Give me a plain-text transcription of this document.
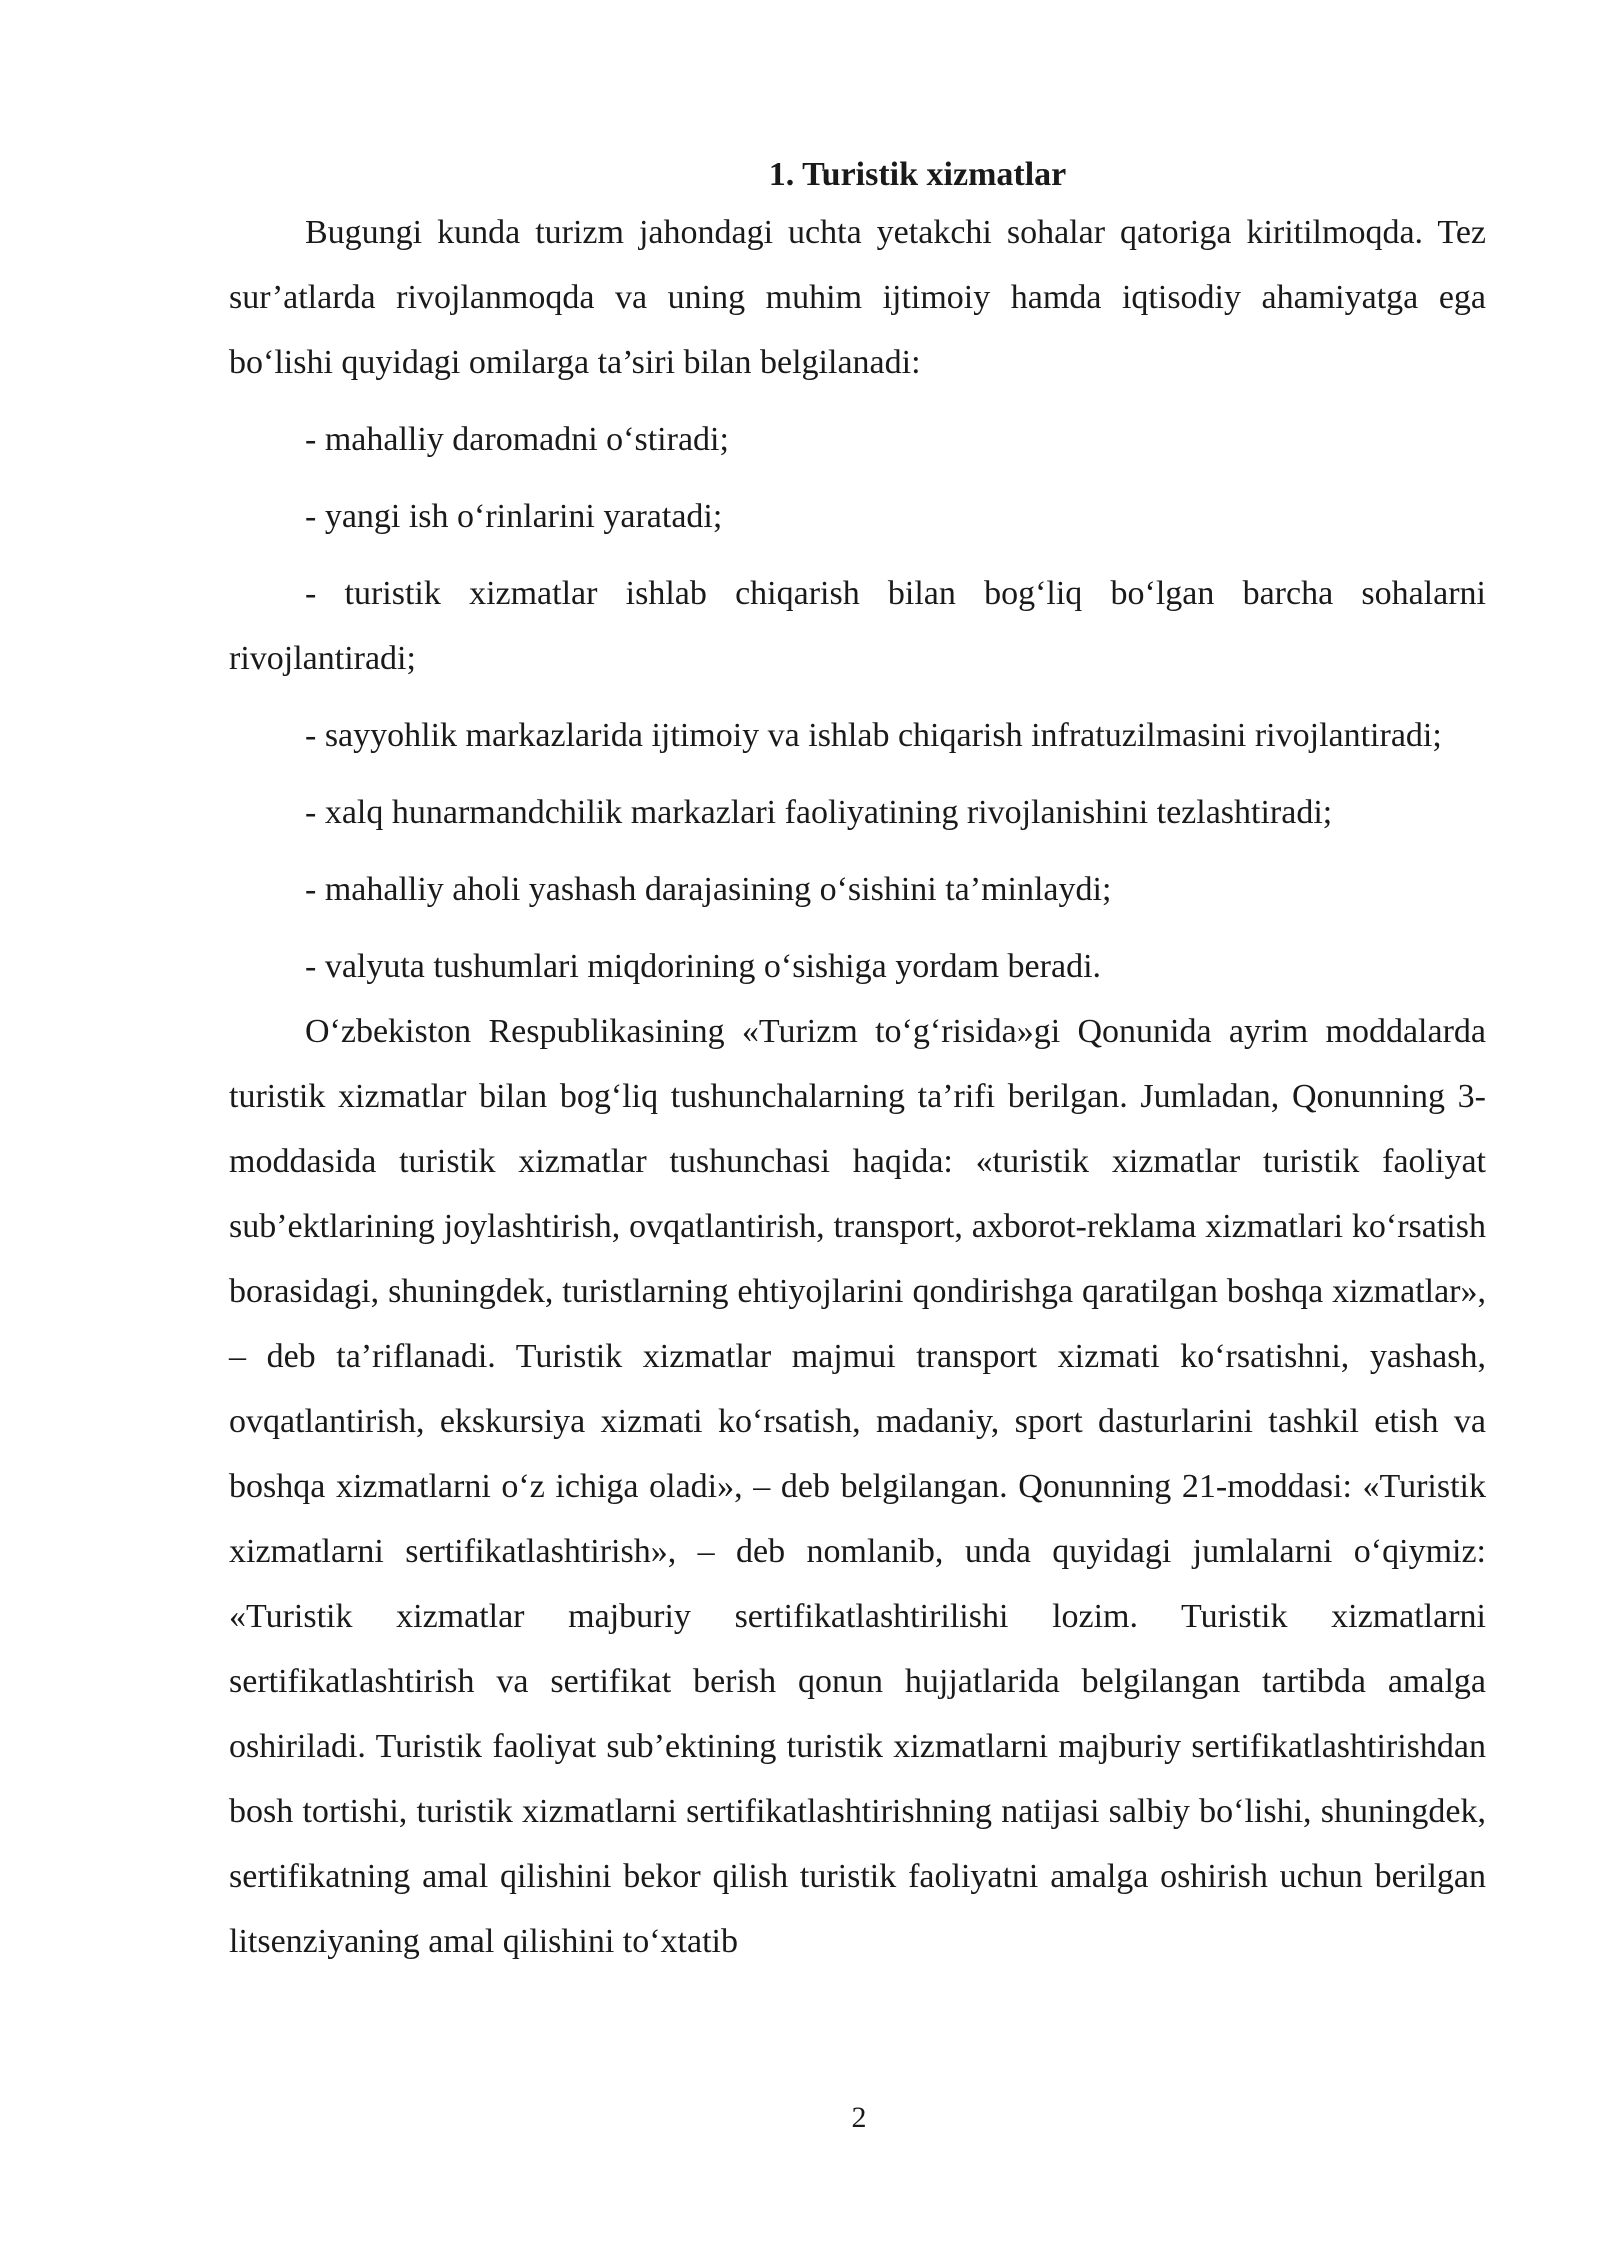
1. Turistik xizmatlar

Bugungi kunda turizm jahondagi uchta yetakchi sohalar qatoriga kiritilmoqda. Tez sur’atlarda rivojlanmoqda va uning muhim ijtimoiy hamda iqtisodiy ahamiyatga ega bo‘lishi quyidagi omilarga ta’siri bilan belgilanadi:

- mahalliy daromadni o‘stiradi;

- yangi ish o‘rinlarini yaratadi;

- turistik xizmatlar ishlab chiqarish bilan bog‘liq bo‘lgan barcha sohalarni rivojlantiradi;

- sayyohlik markazlarida ijtimoiy va ishlab chiqarish infratuzilmasini rivojlantiradi;

- xalq hunarmandchilik markazlari faoliyatining rivojlanishini tezlashtiradi;

- mahalliy aholi yashash darajasining o‘sishini ta’minlaydi;

- valyuta tushumlari miqdorining o‘sishiga yordam beradi.

O‘zbekiston Respublikasining «Turizm to‘g‘risida»gi Qonunida ayrim moddalarda turistik xizmatlar bilan bog‘liq tushunchalarning ta’rifi berilgan. Jumladan, Qonunning 3-moddasida turistik xizmatlar tushunchasi haqida: «turistik xizmatlar turistik faoliyat sub’ektlarining joylashtirish, ovqatlantirish, transport, axborot-reklama xizmatlari ko‘rsatish borasidagi, shuningdek, turistlarning ehtiyojlarini qondirishga qaratilgan boshqa xizmatlar», – deb ta’riflanadi. Turistik xizmatlar majmui transport xizmati ko‘rsatishni, yashash, ovqatlantirish, ekskursiya xizmati ko‘rsatish, madaniy, sport dasturlarini tashkil etish va boshqa xizmatlarni o‘z ichiga oladi», – deb belgilangan. Qonunning 21-moddasi: «Turistik xizmatlarni sertifikatlashtirish», – deb nomlanib, unda quyidagi jumlalarni o‘qiymiz: «Turistik xizmatlar majburiy sertifikatlashtirilishi lozim. Turistik xizmatlarni sertifikatlashtirish va sertifikat berish qonun hujjatlarida belgilangan tartibda amalga oshiriladi. Turistik faoliyat sub’ektining turistik xizmatlarni majburiy sertifikatlashtirishdan bosh tortishi, turistik xizmatlarni sertifikatlashtirishning natijasi salbiy bo‘lishi, shuningdek, sertifikatning amal qilishini bekor qilish turistik faoliyatni amalga oshirish uchun berilgan litsenziyaning amal qilishini to‘xtatib

2
